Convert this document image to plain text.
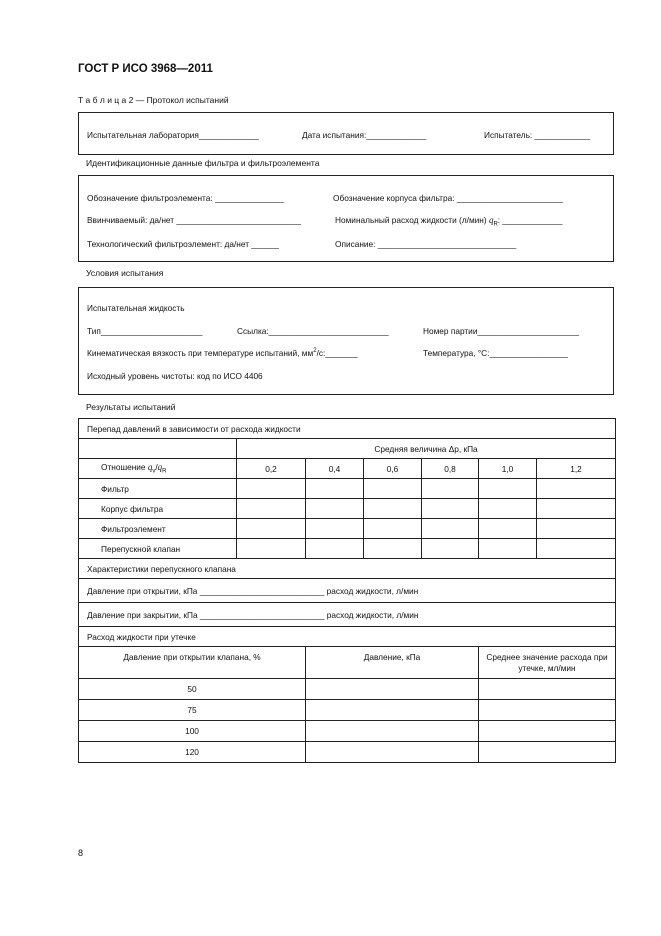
ГОСТ Р ИСО 3968—2011
Т а б л и ц а 2 — Протокол испытаний
Испытательная лаборатория_____________	Дата испытания:_____________	Испытатель: ____________
Идентификационные данные фильтра и фильтроэлемента
Обозначение фильтроэлемента: _______________	Обозначение корпуса фильтра: _______________________
Ввинчиваемый: да/нет ___________________________	Номинальный расход жидкости (л/мин) $q_R$: _____________
Технологический фильтроэлемент: да/нет ______	Описание: ______________________________
Условия испытания
Испытательная жидкость
Тип______________________	Ссылка:__________________________	Номер партии______________________
Кинематическая вязкость при температуре испытаний, $мм^2/с:\_\_\_\_\_\_\_$	Температура, °С:_________________
Исходный уровень чистоты: код по ИСО 4406
Результаты испытаний
Перепад давлений в зависимости от расхода жидкости						
	Средняя величина Δp, кПа					
Отношение $q_v/q_R$	0,2	0,4	0,6	0,8	1,0	1,2
Фильтр						
Корпус фильтра						
Фильтроэлемент						
Перепускной клапан						
Характеристики перепускного клапана						
Давление при открытии, кПа ___________________________ расход жидкости, л/мин						
Давление при закрытии, кПа ___________________________ расход жидкости, л/мин						
Расход жидкости при утечке						
Давление при открытии клапана, %		Давление, кПа			Среднее значение расхода при утечке, мл/мин	
50						
75						
100						
120						
8
